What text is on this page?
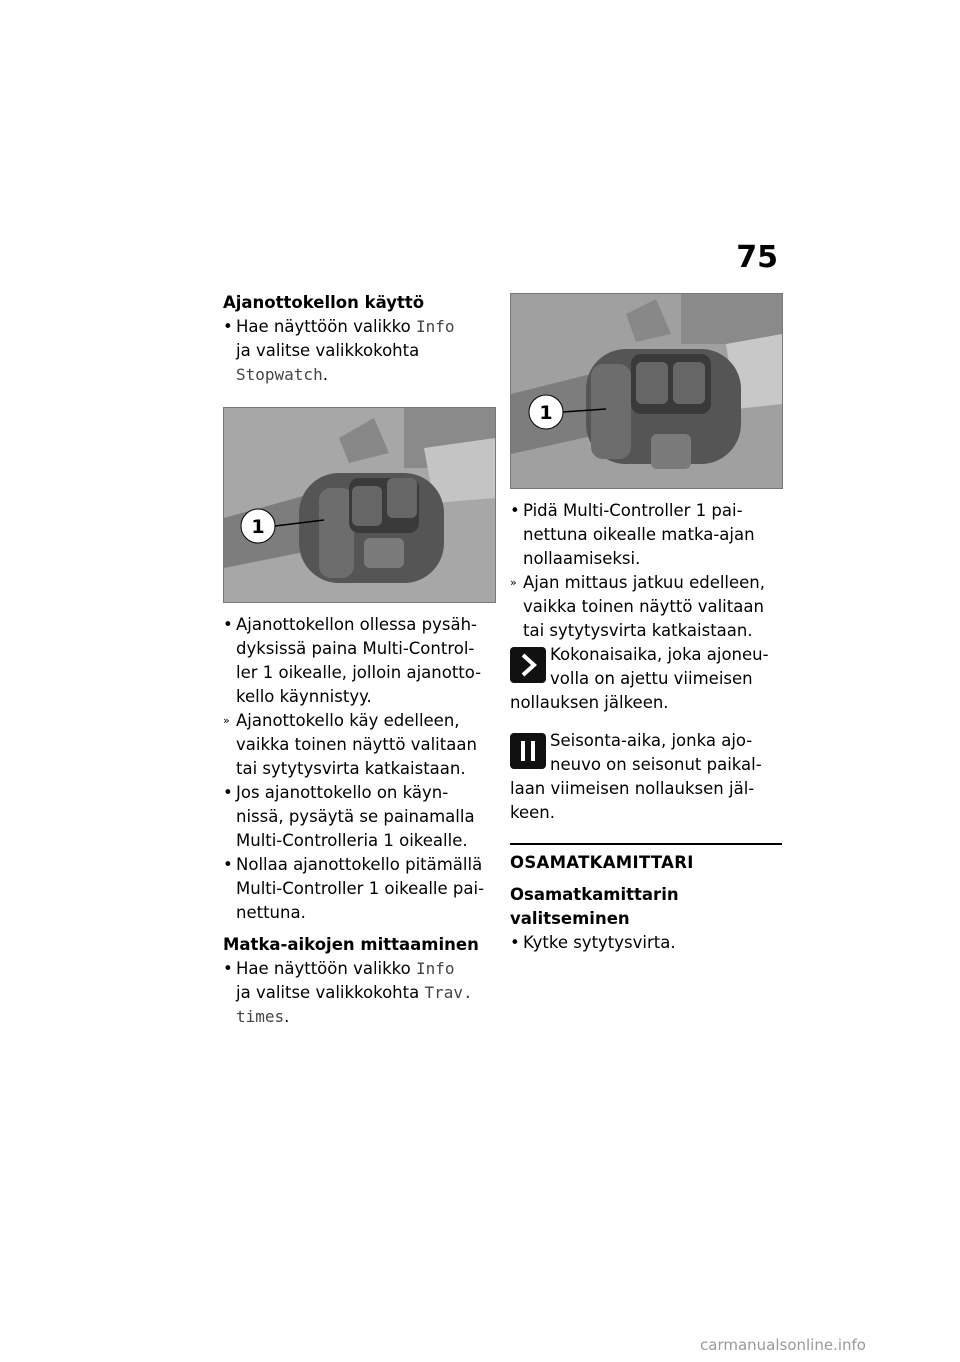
75
Ajanottokellon käyttö
• Hae näyttöön valikko Info
ja valitse valikkokohta
Stopwatch.
1
• Ajanottokellon ollessa pysäh-
dyksissä paina Multi-Control-
ler 1 oikealle, jolloin ajanotto-
kello käynnistyy.
» Ajanottokello käy edelleen,
vaikka toinen näyttö valitaan
tai sytytysvirta katkaistaan.
• Jos ajanottokello on käyn-
nissä, pysäytä se painamalla
Multi-Controlleria 1 oikealle.
• Nollaa ajanottokello pitämällä
Multi-Controller 1 oikealle pai-
nettuna.
Matka-aikojen mittaaminen
• Hae näyttöön valikko Info
ja valitse valikkokohta Trav.
times.
1
• Pidä Multi-Controller 1 pai-
nettuna oikealle matka-ajan
nollaamiseksi.
» Ajan mittaus jatkuu edelleen,
vaikka toinen näyttö valitaan
tai sytytysvirta katkaistaan.
Kokonaisaika, joka ajoneu-
volla on ajettu viimeisen
nollauksen jälkeen.
Seisonta-aika, jonka ajo-
neuvo on seisonut paikal-
laan viimeisen nollauksen jäl-
keen.
OSAMATKAMITTARI
Osamatkamittarin
valitseminen
• Kytke sytytysvirta.
carmanualsonline.info
